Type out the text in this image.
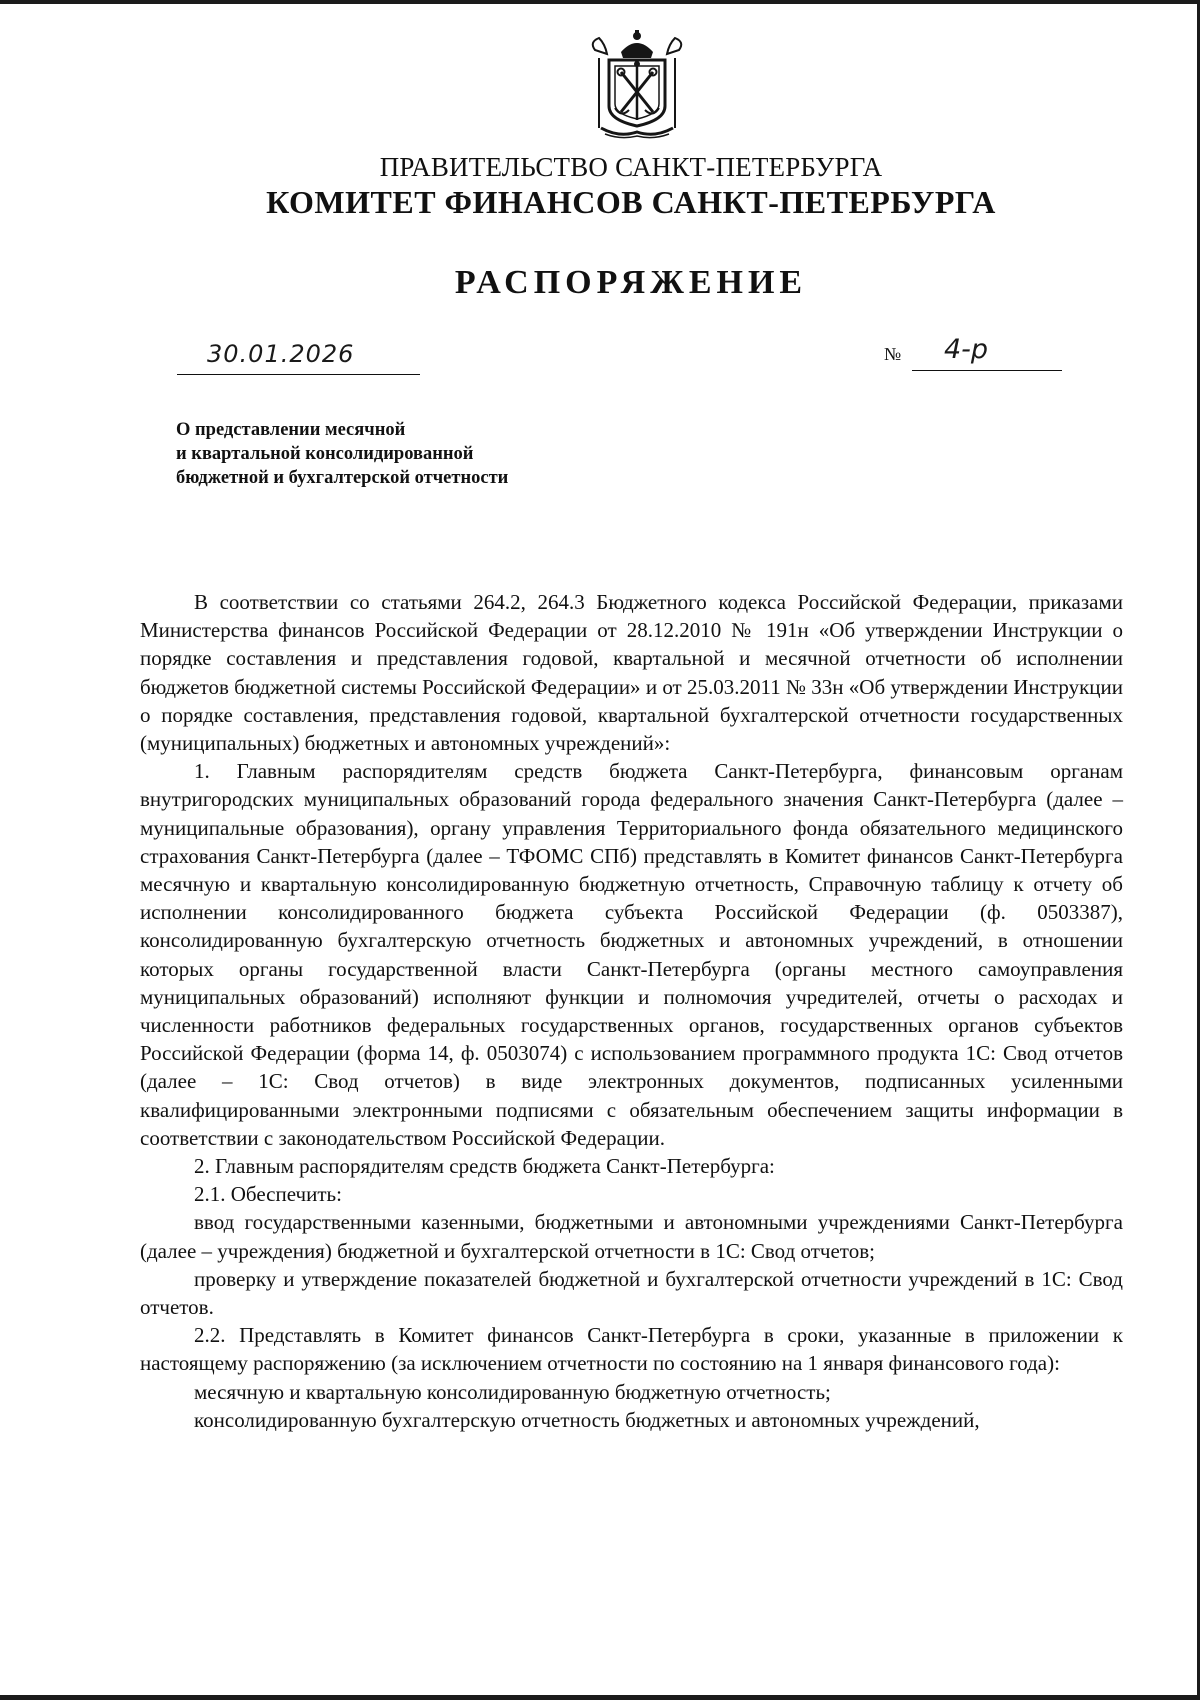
ПРАВИТЕЛЬСТВО САНКТ-ПЕТЕРБУРГА
КОМИТЕТ ФИНАНСОВ САНКТ-ПЕТЕРБУРГА
РАСПОРЯЖЕНИЕ
30.01.2026	№ 4-р
О представлении месячной
и квартальной консолидированной
бюджетной и бухгалтерской отчетности

В соответствии со статьями 264.2, 264.3 Бюджетного кодекса Российской Федерации, приказами Министерства финансов Российской Федерации от 28.12.2010 № 191н «Об утверждении Инструкции о порядке составления и представления годовой, квартальной и месячной отчетности об исполнении бюджетов бюджетной системы Российской Федерации» и от 25.03.2011 № 33н «Об утверждении Инструкции о порядке составления, представления годовой, квартальной бухгалтерской отчетности государственных (муниципальных) бюджетных и автономных учреждений»:

1. Главным распорядителям средств бюджета Санкт-Петербурга, финансовым органам внутригородских муниципальных образований города федерального значения Санкт-Петербурга (далее – муниципальные образования), органу управления Территориального фонда обязательного медицинского страхования Санкт-Петербурга (далее – ТФОМС СПб) представлять в Комитет финансов Санкт-Петербурга месячную и квартальную консолидированную бюджетную отчетность, Справочную таблицу к отчету об исполнении консолидированного бюджета субъекта Российской Федерации (ф. 0503387), консолидированную бухгалтерскую отчетность бюджетных и автономных учреждений, в отношении которых органы государственной власти Санкт-Петербурга (органы местного самоуправления муниципальных образований) исполняют функции и полномочия учредителей, отчеты о расходах и численности работников федеральных государственных органов, государственных органов субъектов Российской Федерации (форма 14, ф. 0503074) с использованием программного продукта 1С: Свод отчетов (далее – 1С: Свод отчетов) в виде электронных документов, подписанных усиленными квалифицированными электронными подписями с обязательным обеспечением защиты информации в соответствии с законодательством Российской Федерации.

2. Главным распорядителям средств бюджета Санкт-Петербурга:

2.1. Обеспечить:

ввод государственными казенными, бюджетными и автономными учреждениями Санкт-Петербурга (далее – учреждения) бюджетной и бухгалтерской отчетности в 1С: Свод отчетов;

проверку и утверждение показателей бюджетной и бухгалтерской отчетности учреждений в 1С: Свод отчетов.

2.2. Представлять в Комитет финансов Санкт-Петербурга в сроки, указанные в приложении к настоящему распоряжению (за исключением отчетности по состоянию на 1 января финансового года):

месячную и квартальную консолидированную бюджетную отчетность;

консолидированную бухгалтерскую отчетность бюджетных и автономных учреждений,
